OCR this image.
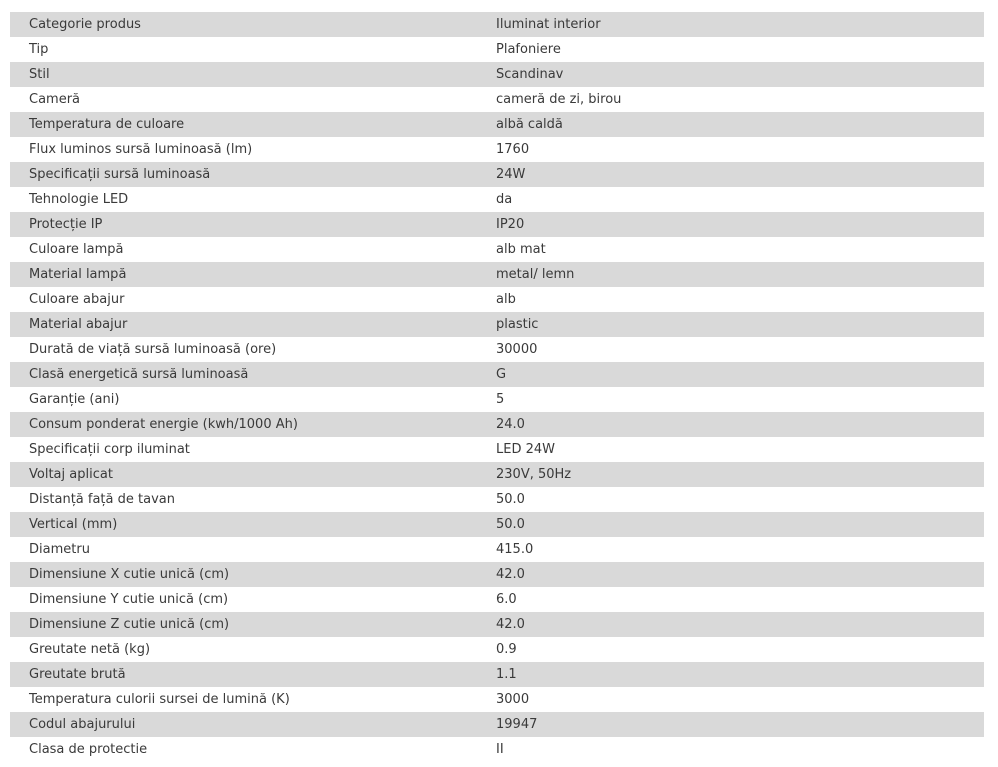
Categorie produs	Iluminat interior
Tip	Plafoniere
Stil	Scandinav
Cameră	cameră de zi, birou
Temperatura de culoare	albă caldă
Flux luminos sursă luminoasă (lm)	1760
Specificații sursă luminoasă	24W
Tehnologie LED	da
Protecție IP	IP20
Culoare lampă	alb mat
Material lampă	metal/ lemn
Culoare abajur	alb
Material abajur	plastic
Durată de viață sursă luminoasă (ore)	30000
Clasă energetică sursă luminoasă	G
Garanție (ani)	5
Consum ponderat energie (kwh/1000 Ah)	24.0
Specificații corp iluminat	LED 24W
Voltaj aplicat	230V, 50Hz
Distanță față de tavan	50.0
Vertical (mm)	50.0
Diametru	415.0
Dimensiune X cutie unică (cm)	42.0
Dimensiune Y cutie unică (cm)	6.0
Dimensiune Z cutie unică (cm)	42.0
Greutate netă (kg)	0.9
Greutate brută	1.1
Temperatura culorii sursei de lumină (K)	3000
Codul abajurului	19947
Clasa de protectie	II
